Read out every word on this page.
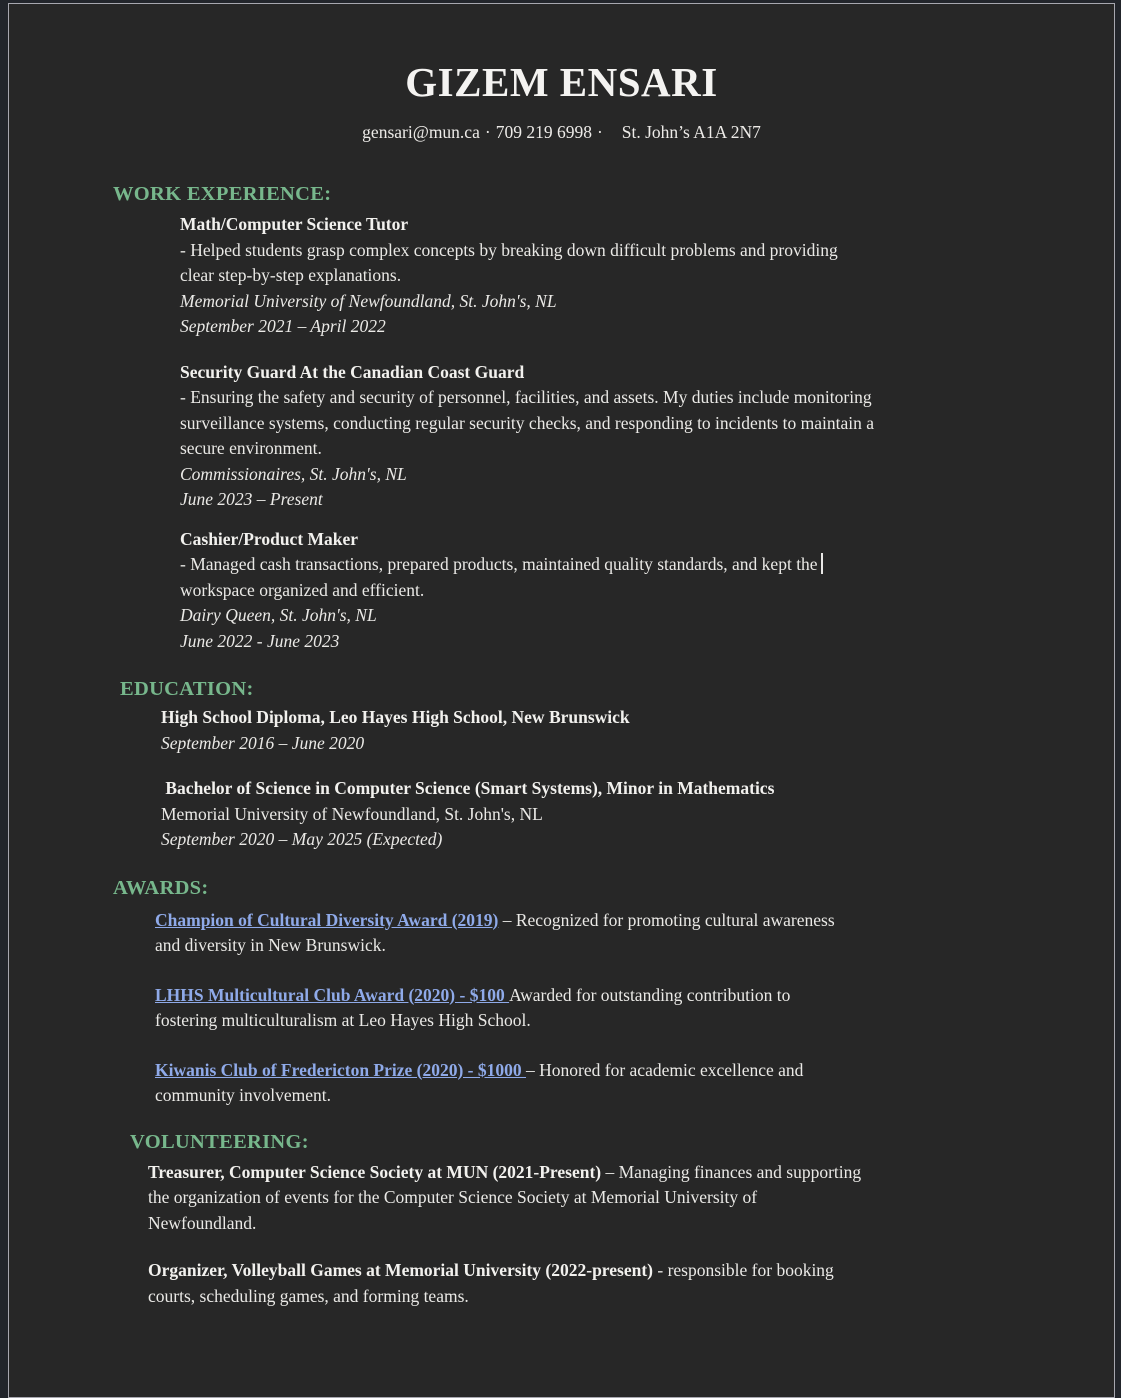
GIZEM ENSARI
gensari@mun.ca · 709 219 6998 · St. John’s A1A 2N7
WORK EXPERIENCE:
Math/Computer Science Tutor
- Helped students grasp complex concepts by breaking down difficult problems and providing
clear step-by-step explanations.
Memorial University of Newfoundland, St. John's, NL
September 2021 – April 2022
Security Guard At the Canadian Coast Guard
- Ensuring the safety and security of personnel, facilities, and assets. My duties include monitoring
surveillance systems, conducting regular security checks, and responding to incidents to maintain a
secure environment.
Commissionaires, St. John's, NL
June 2023 – Present
Cashier/Product Maker
- Managed cash transactions, prepared products, maintained quality standards, and kept the
workspace organized and efficient.
Dairy Queen, St. John's, NL
June 2022 - June 2023
EDUCATION:
High School Diploma, Leo Hayes High School, New Brunswick
September 2016 – June 2020
Bachelor of Science in Computer Science (Smart Systems), Minor in Mathematics
Memorial University of Newfoundland, St. John's, NL
September 2020 – May 2025 (Expected)
AWARDS:
Champion of Cultural Diversity Award (2019) – Recognized for promoting cultural awareness
and diversity in New Brunswick.
LHHS Multicultural Club Award (2020) - $100 Awarded for outstanding contribution to
fostering multiculturalism at Leo Hayes High School.
Kiwanis Club of Fredericton Prize (2020) - $1000 – Honored for academic excellence and
community involvement.
VOLUNTEERING:
Treasurer, Computer Science Society at MUN (2021-Present) – Managing finances and supporting
the organization of events for the Computer Science Society at Memorial University of
Newfoundland.
Organizer, Volleyball Games at Memorial University (2022-present) - responsible for booking
courts, scheduling games, and forming teams.
